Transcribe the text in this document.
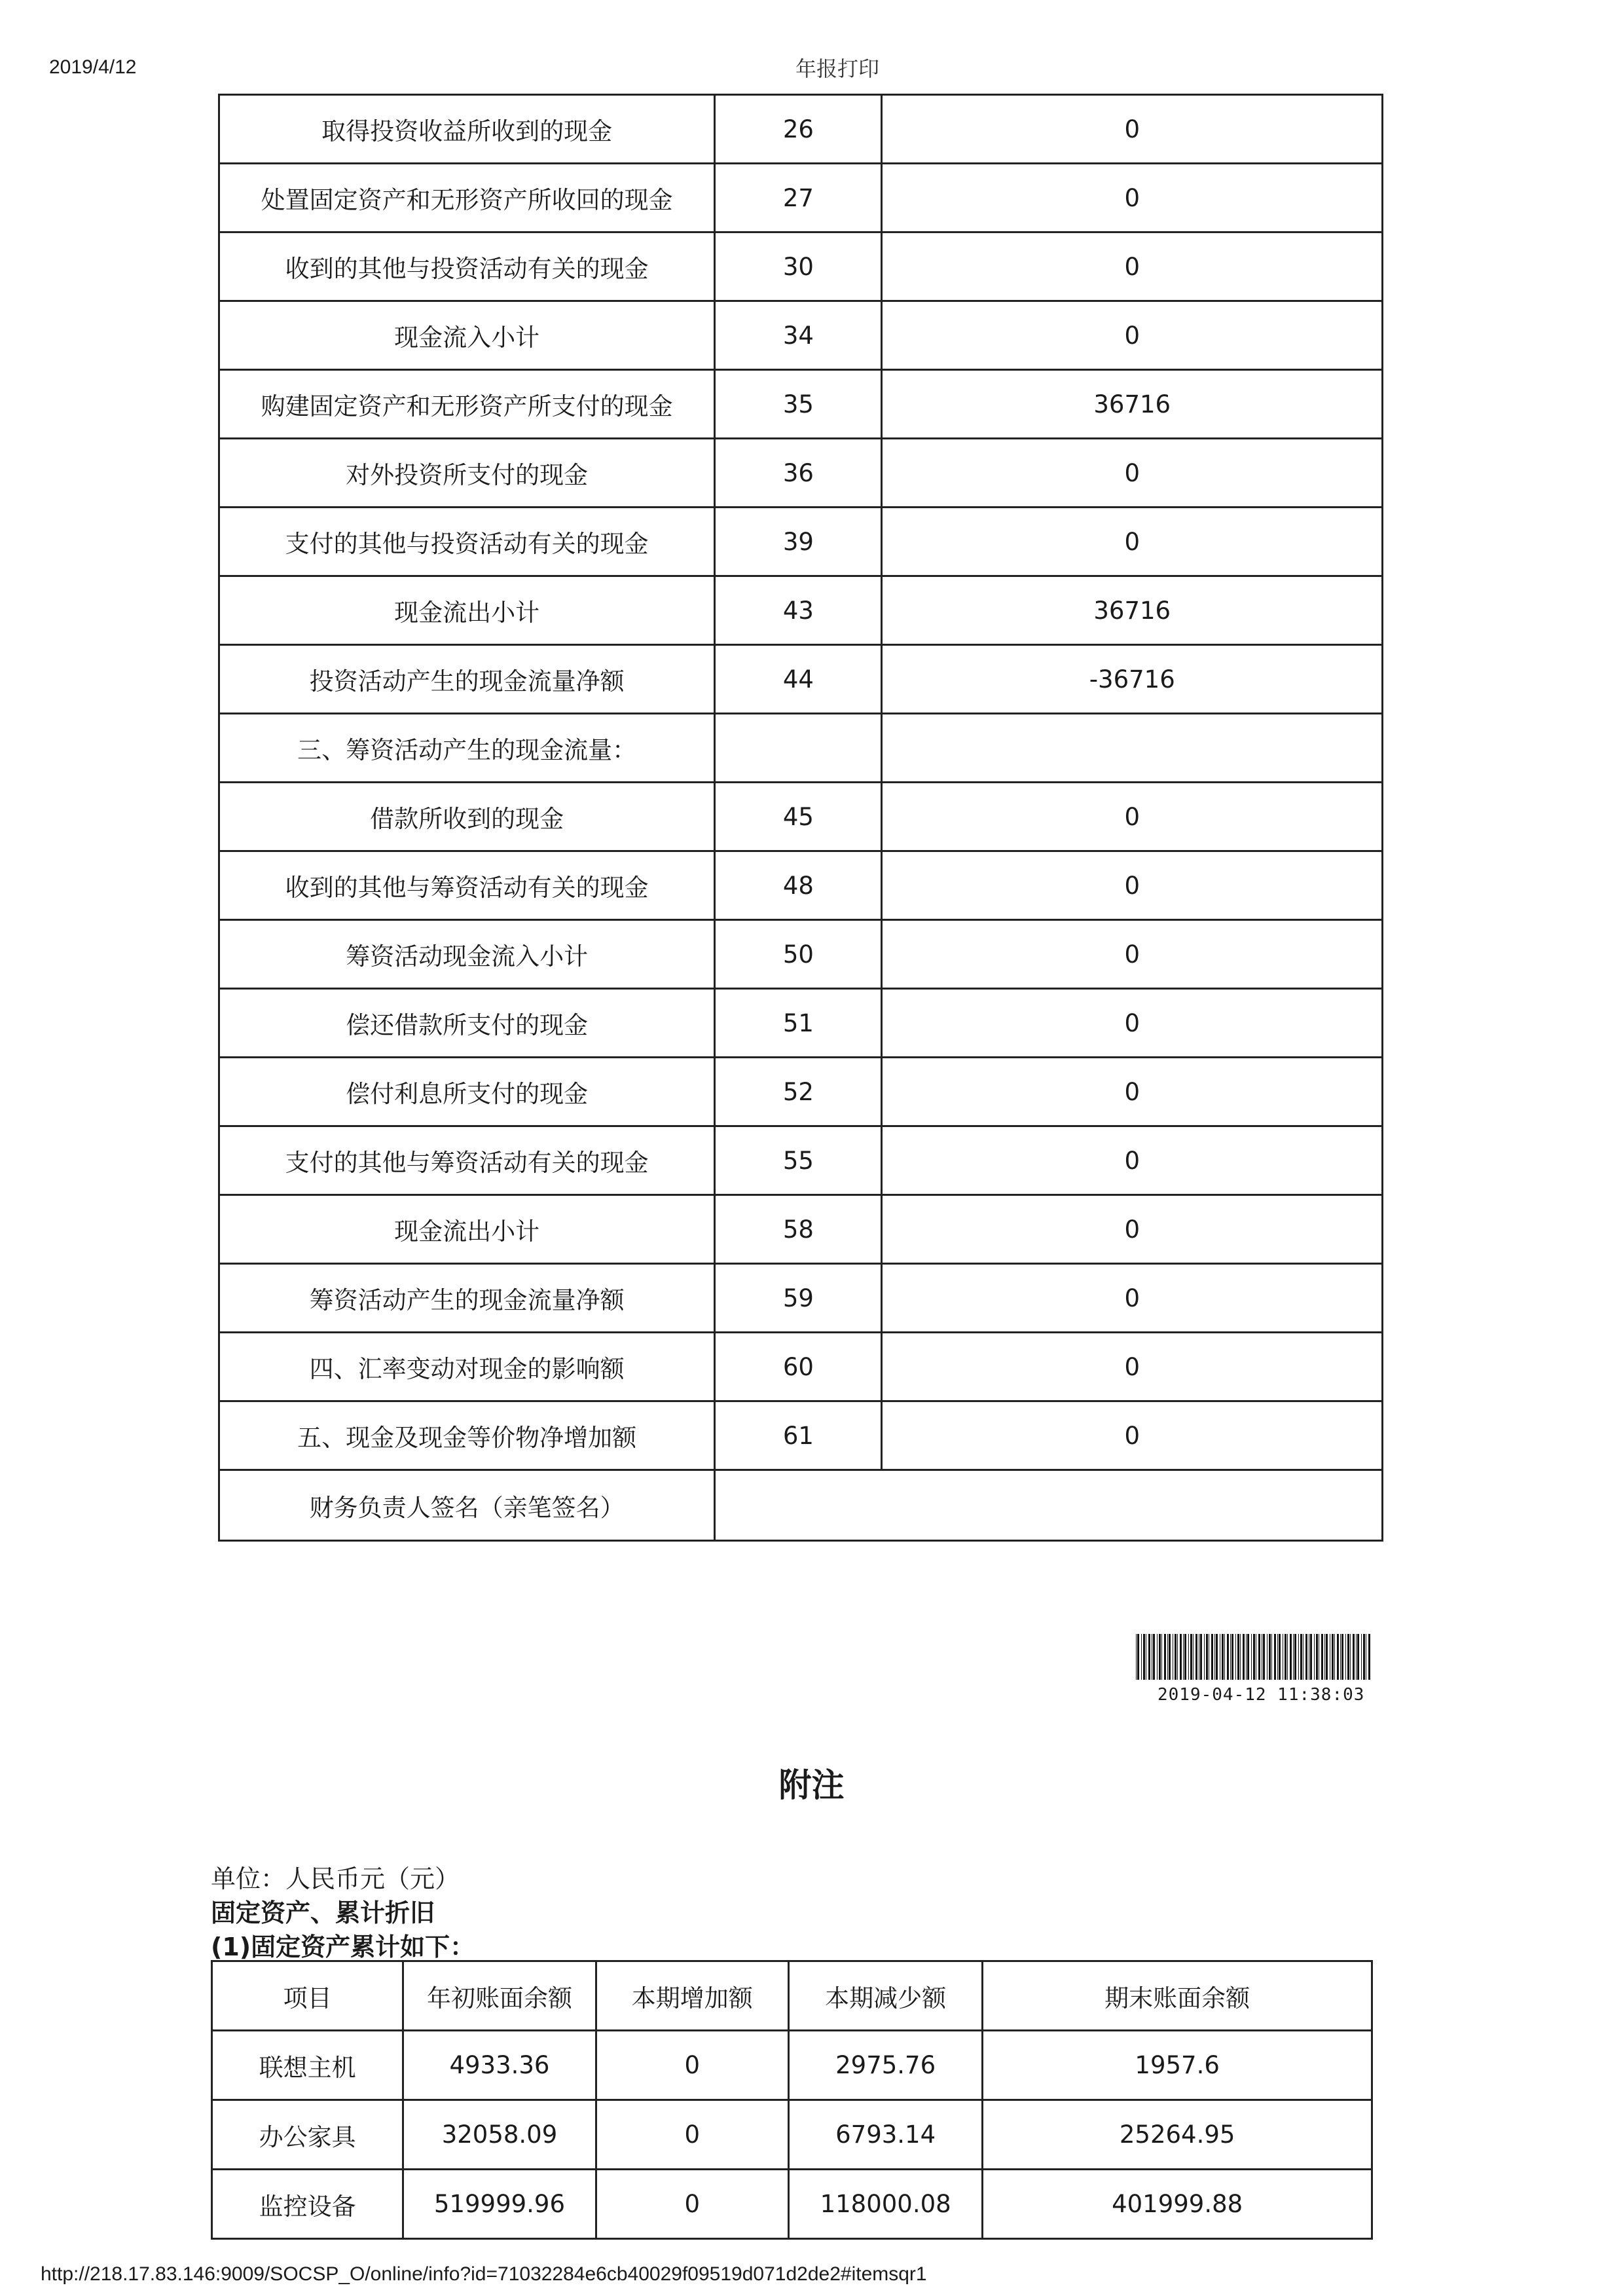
2019/4/12	年报打印
取得投资收益所收到的现金	26	0
处置固定资产和无形资产所收回的现金	27	0
收到的其他与投资活动有关的现金	30	0
现金流入小计	34	0
购建固定资产和无形资产所支付的现金	35	36716
对外投资所支付的现金	36	0
支付的其他与投资活动有关的现金	39	0
现金流出小计	43	36716
投资活动产生的现金流量净额	44	-36716
三、筹资活动产生的现金流量：		
借款所收到的现金	45	0
收到的其他与筹资活动有关的现金	48	0
筹资活动现金流入小计	50	0
偿还借款所支付的现金	51	0
偿付利息所支付的现金	52	0
支付的其他与筹资活动有关的现金	55	0
现金流出小计	58	0
筹资活动产生的现金流量净额	59	0
四、汇率变动对现金的影响额	60	0
五、现金及现金等价物净增加额	61	0
财务负责人签名（亲笔签名）		
2019-04-12 11:38:03
附注
单位：人民币元（元）
固定资产、累计折旧
(1)固定资产累计如下：
项目	年初账面余额	本期增加额	本期减少额	期末账面余额
联想主机	4933.36	0	2975.76	1957.6
办公家具	32058.09	0	6793.14	25264.95
监控设备	519999.96	0	118000.08	401999.88
http://218.17.83.146:9009/SOCSP_O/online/info?id=71032284e6cb40029f09519d071d2de2#itemsqr1
